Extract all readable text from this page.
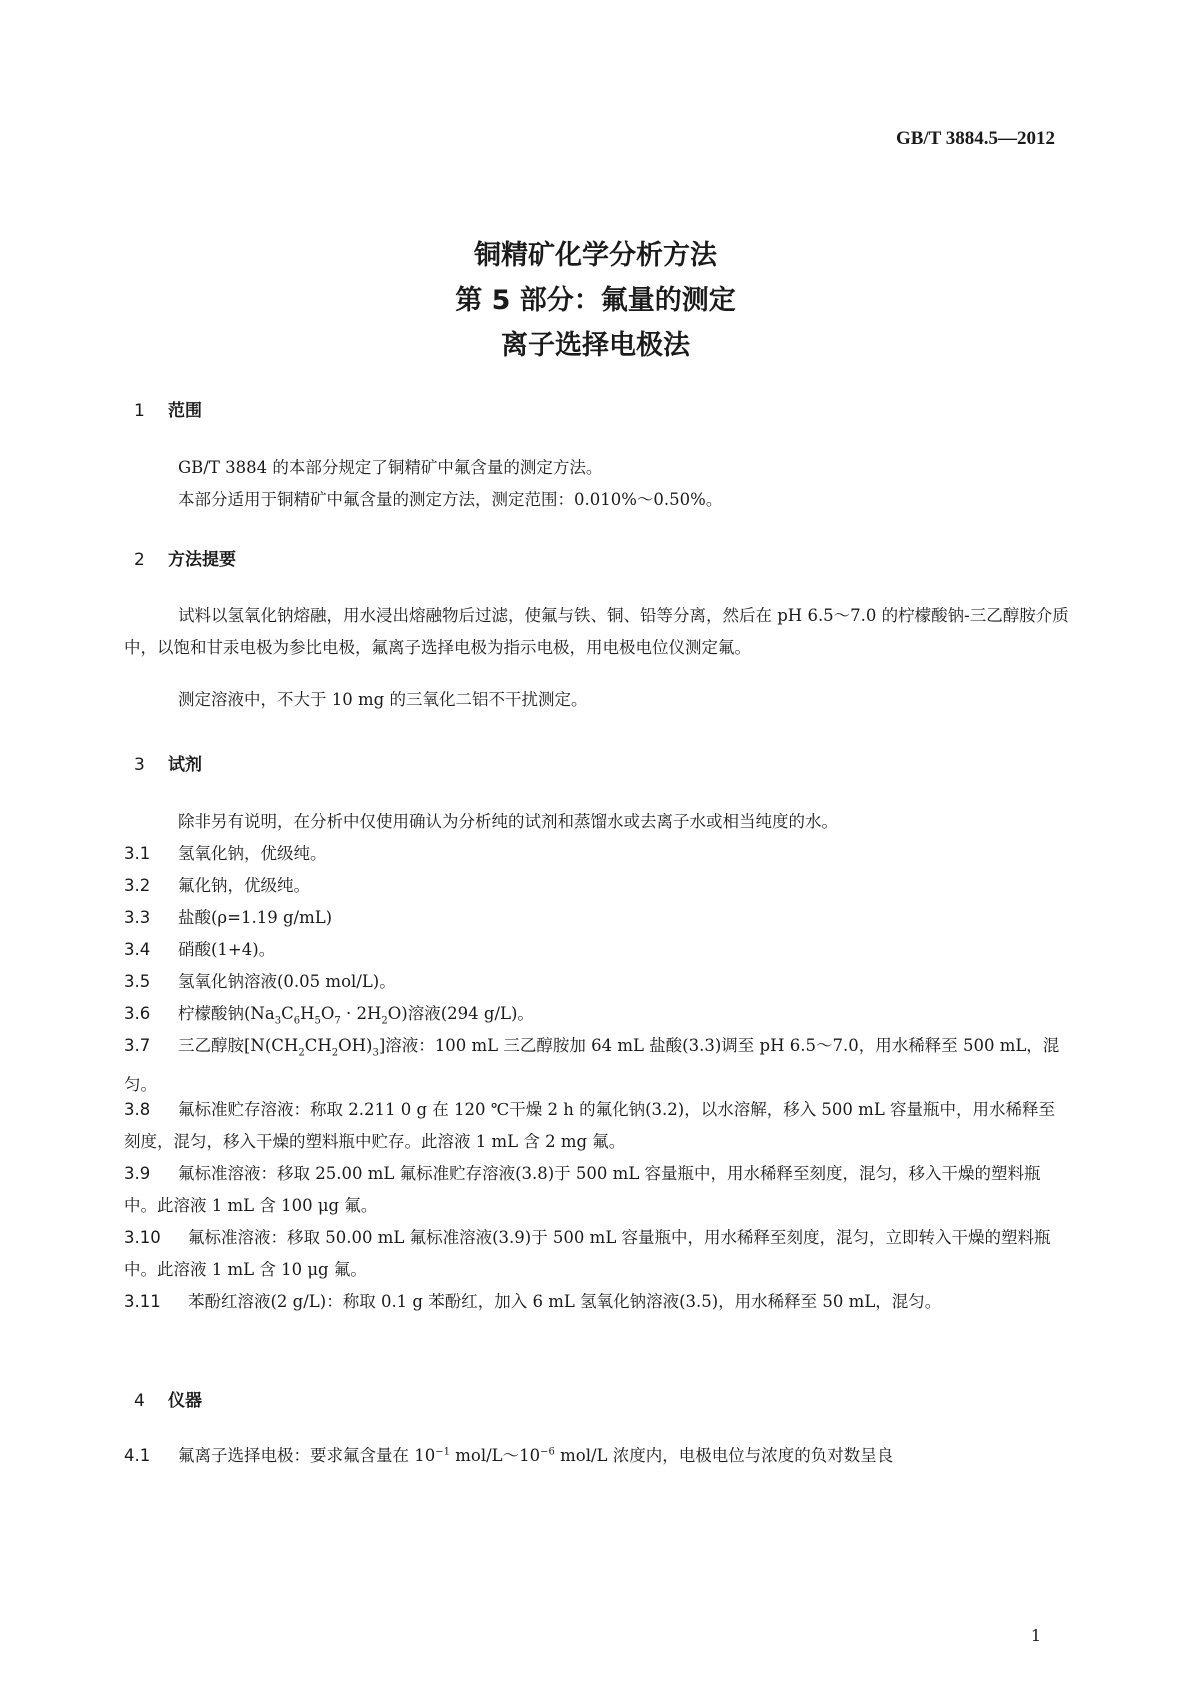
GB/T 3884.5—2012
铜精矿化学分析方法
第 5 部分：氟量的测定
离子选择电极法
1 范围
GB/T 3884 的本部分规定了铜精矿中氟含量的测定方法。
本部分适用于铜精矿中氟含量的测定方法，测定范围：0.010%～0.50%。
2 方法提要
试料以氢氧化钠熔融，用水浸出熔融物后过滤，使氟与铁、铜、铅等分离，然后在 pH 6.5～7.0 的柠檬酸钠-三乙醇胺介质中，以饱和甘汞电极为参比电极，氟离子选择电极为指示电极，用电极电位仪测定氟。
测定溶液中，不大于 10 mg 的三氧化二铝不干扰测定。
3 试剂
除非另有说明，在分析中仅使用确认为分析纯的试剂和蒸馏水或去离子水或相当纯度的水。
3.1 氢氧化钠，优级纯。
3.2 氟化钠，优级纯。
3.3 盐酸(ρ=1.19 g/mL)
3.4 硝酸(1+4)。
3.5 氢氧化钠溶液(0.05 mol/L)。
3.6 柠檬酸钠$(Na_3C_6H_5O_7 \cdot 2H_2O)$溶液(294 g/L)。
3.7 三乙醇胺$[N(CH_2CH_2OH)_3]$溶液：100 mL 三乙醇胺加 64 mL 盐酸(3.3)调至 pH 6.5～7.0，用水稀释至 500 mL，混匀。
3.8 氟标准贮存溶液：称取 2.211 0 g 在 120 ℃干燥 2 h 的氟化钠(3.2)，以水溶解，移入 500 mL 容量瓶中，用水稀释至刻度，混匀，移入干燥的塑料瓶中贮存。此溶液 1 mL 含 2 mg 氟。
3.9 氟标准溶液：移取 25.00 mL 氟标准贮存溶液(3.8)于 500 mL 容量瓶中，用水稀释至刻度，混匀，移入干燥的塑料瓶中。此溶液 1 mL 含 100 μg 氟。
3.10 氟标准溶液：移取 50.00 mL 氟标准溶液(3.9)于 500 mL 容量瓶中，用水稀释至刻度，混匀，立即转入干燥的塑料瓶中。此溶液 1 mL 含 10 μg 氟。
3.11 苯酚红溶液(2 g/L)：称取 0.1 g 苯酚红，加入 6 mL 氢氧化钠溶液(3.5)，用水稀释至 50 mL，混匀。
4 仪器
4.1 氟离子选择电极：要求氟含量在 $10^{-1}$ mol/$L\sim 10^{-6}$ mol/L 浓度内，电极电位与浓度的负对数呈良
1
